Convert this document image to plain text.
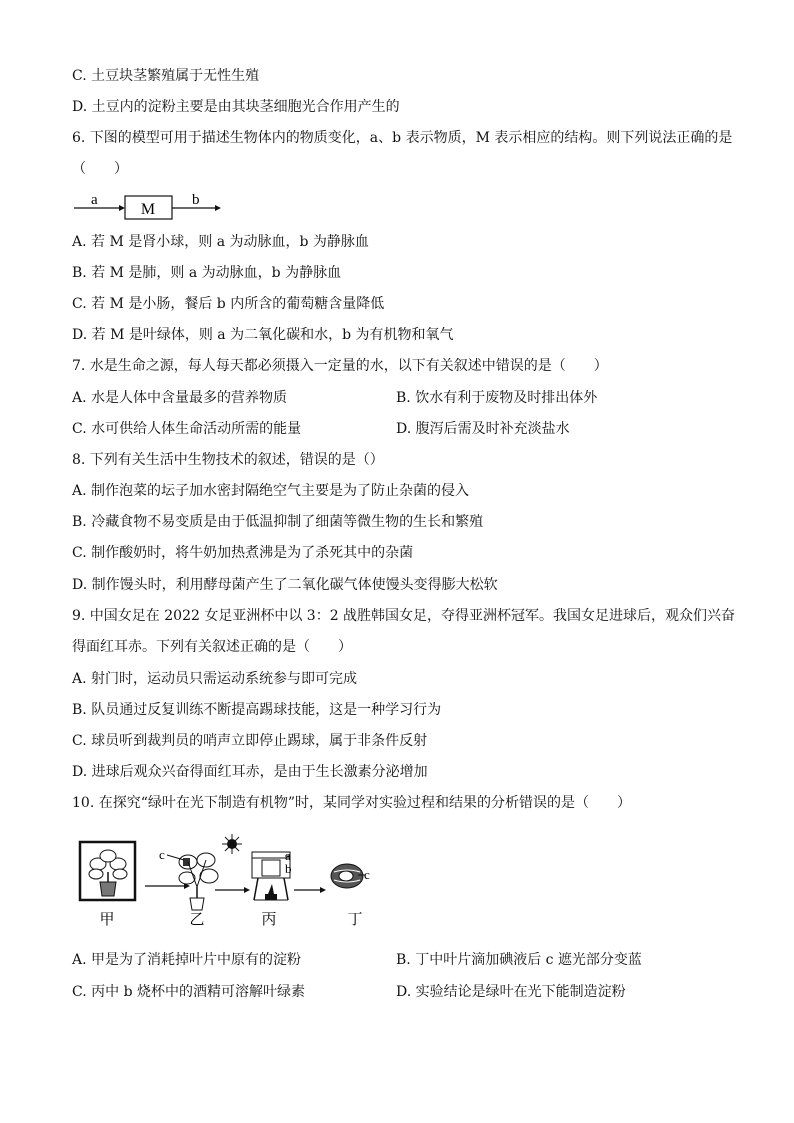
C. 土豆块茎繁殖属于无性生殖
D. 土豆内的淀粉主要是由其块茎细胞光合作用产生的
6. 下图的模型可用于描述生物体内的物质变化，a、b 表示物质，M 表示相应的结构。则下列说法正确的是
（　　）
a
M
b
A. 若 M 是肾小球，则 a 为动脉血，b 为静脉血
B. 若 M 是肺，则 a 为动脉血，b 为静脉血
C. 若 M 是小肠，餐后 b 内所含的葡萄糖含量降低
D. 若 M 是叶绿体，则 a 为二氧化碳和水，b 为有机物和氧气
7. 水是生命之源，每人每天都必须摄入一定量的水，以下有关叙述中错误的是（　　）
A. 水是人体中含量最多的营养物质	B. 饮水有利于废物及时排出体外
C. 水可供给人体生命活动所需的能量	D. 腹泻后需及时补充淡盐水
8. 下列有关生活中生物技术的叙述，错误的是（）
A. 制作泡菜的坛子加水密封隔绝空气主要是为了防止杂菌的侵入
B. 冷藏食物不易变质是由于低温抑制了细菌等微生物的生长和繁殖
C. 制作酸奶时，将牛奶加热煮沸是为了杀死其中的杂菌
D. 制作馒头时，利用酵母菌产生了二氧化碳气体使馒头变得膨大松软
9. 中国女足在 2022 女足亚洲杯中以 3：2 战胜韩国女足，夺得亚洲杯冠军。我国女足进球后，观众们兴奋
得面红耳赤。下列有关叙述正确的是（　　）
A. 射门时，运动员只需运动系统参与即可完成
B. 队员通过反复训练不断提高踢球技能，这是一种学习行为
C. 球员听到裁判员的哨声立即停止踢球，属于非条件反射
D. 进球后观众兴奋得面红耳赤，是由于生长激素分泌增加
10. 在探究“绿叶在光下制造有机物”时，某同学对实验过程和结果的分析错误的是（　　）
甲
c
乙
a
b
丙
c
丁
A. 甲是为了消耗掉叶片中原有的淀粉	B. 丁中叶片滴加碘液后 c 遮光部分变蓝
C. 丙中 b 烧杯中的酒精可溶解叶绿素	D. 实验结论是绿叶在光下能制造淀粉
